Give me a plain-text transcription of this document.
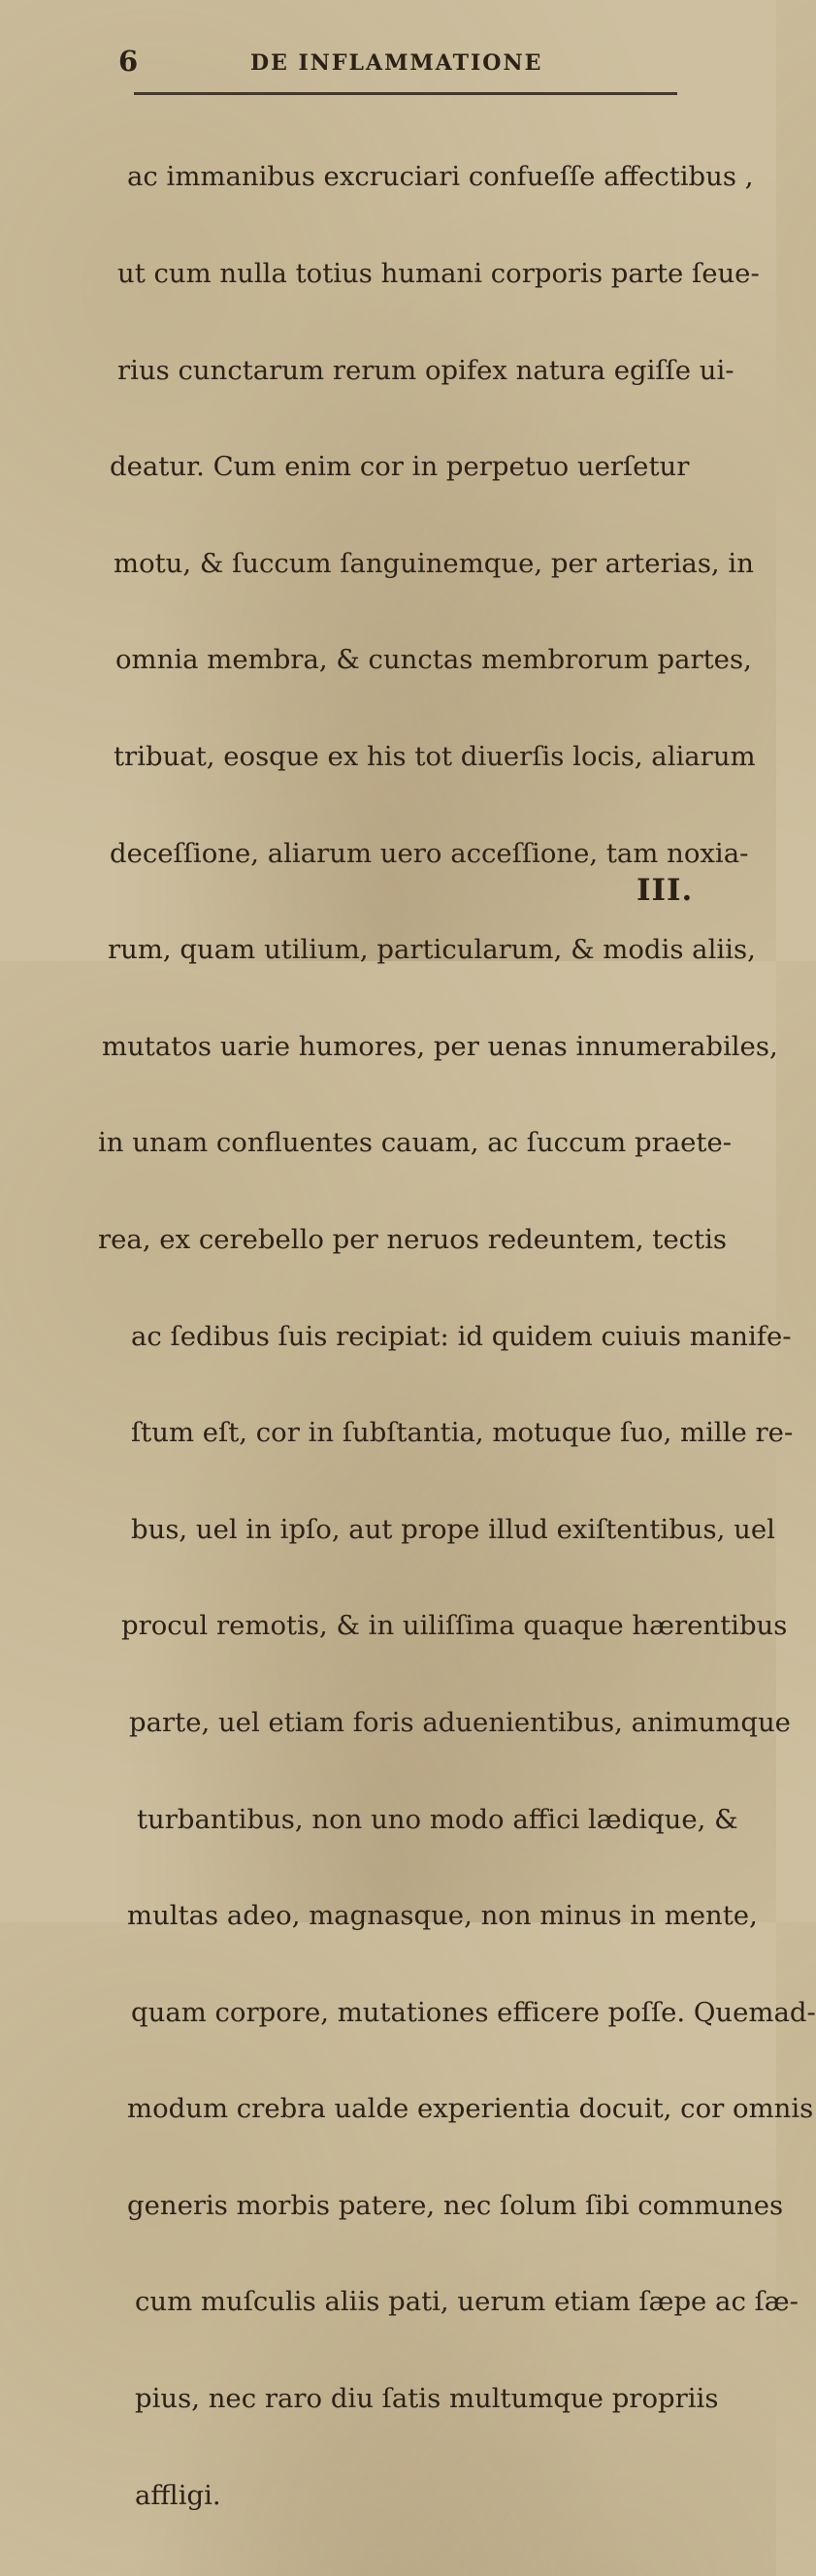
6	DE INFLAMMATIONE

ac immanibus excruciari confueſſe affectibus ,

ut cum nulla totius humani corporis parte ſeue-

rius cunctarum rerum opifex natura egiſſe ui-

deatur. Cum enim cor in perpetuo uerſetur

motu, & ſuccum ſanguinemque, per arterias, in

omnia membra, & cunctas membrorum partes,

tribuat, eosque ex his tot diuerſis locis, aliarum

deceſſione, aliarum uero acceſſione, tam noxia-

rum, quam utilium, particularum, & modis aliis,

mutatos uarie humores, per uenas innumerabiles,

in unam confluentes cauam, ac ſuccum praete-

rea, ex cerebello per neruos redeuntem, tectis

ac ſedibus ſuis recipiat: id quidem cuiuis manife-

ſtum eſt, cor in ſubſtantia, motuque ſuo, mille re-

bus, uel in ipſo, aut prope illud exiſtentibus, uel

procul remotis, & in uiliſſima quaque hærentibus

parte, uel etiam foris aduenientibus, animumque

turbantibus, non uno modo affici lædique, &

multas adeo, magnasque, non minus in mente,

quam corpore, mutationes efficere poſſe. Quemad-

modum crebra ualde experientia docuit, cor omnis

generis morbis patere, nec ſolum ſibi communes

cum muſculis aliis pati, uerum etiam ſæpe ac ſæ-

pius, nec raro diu ſatis multumque propriis

affligi.

III.
